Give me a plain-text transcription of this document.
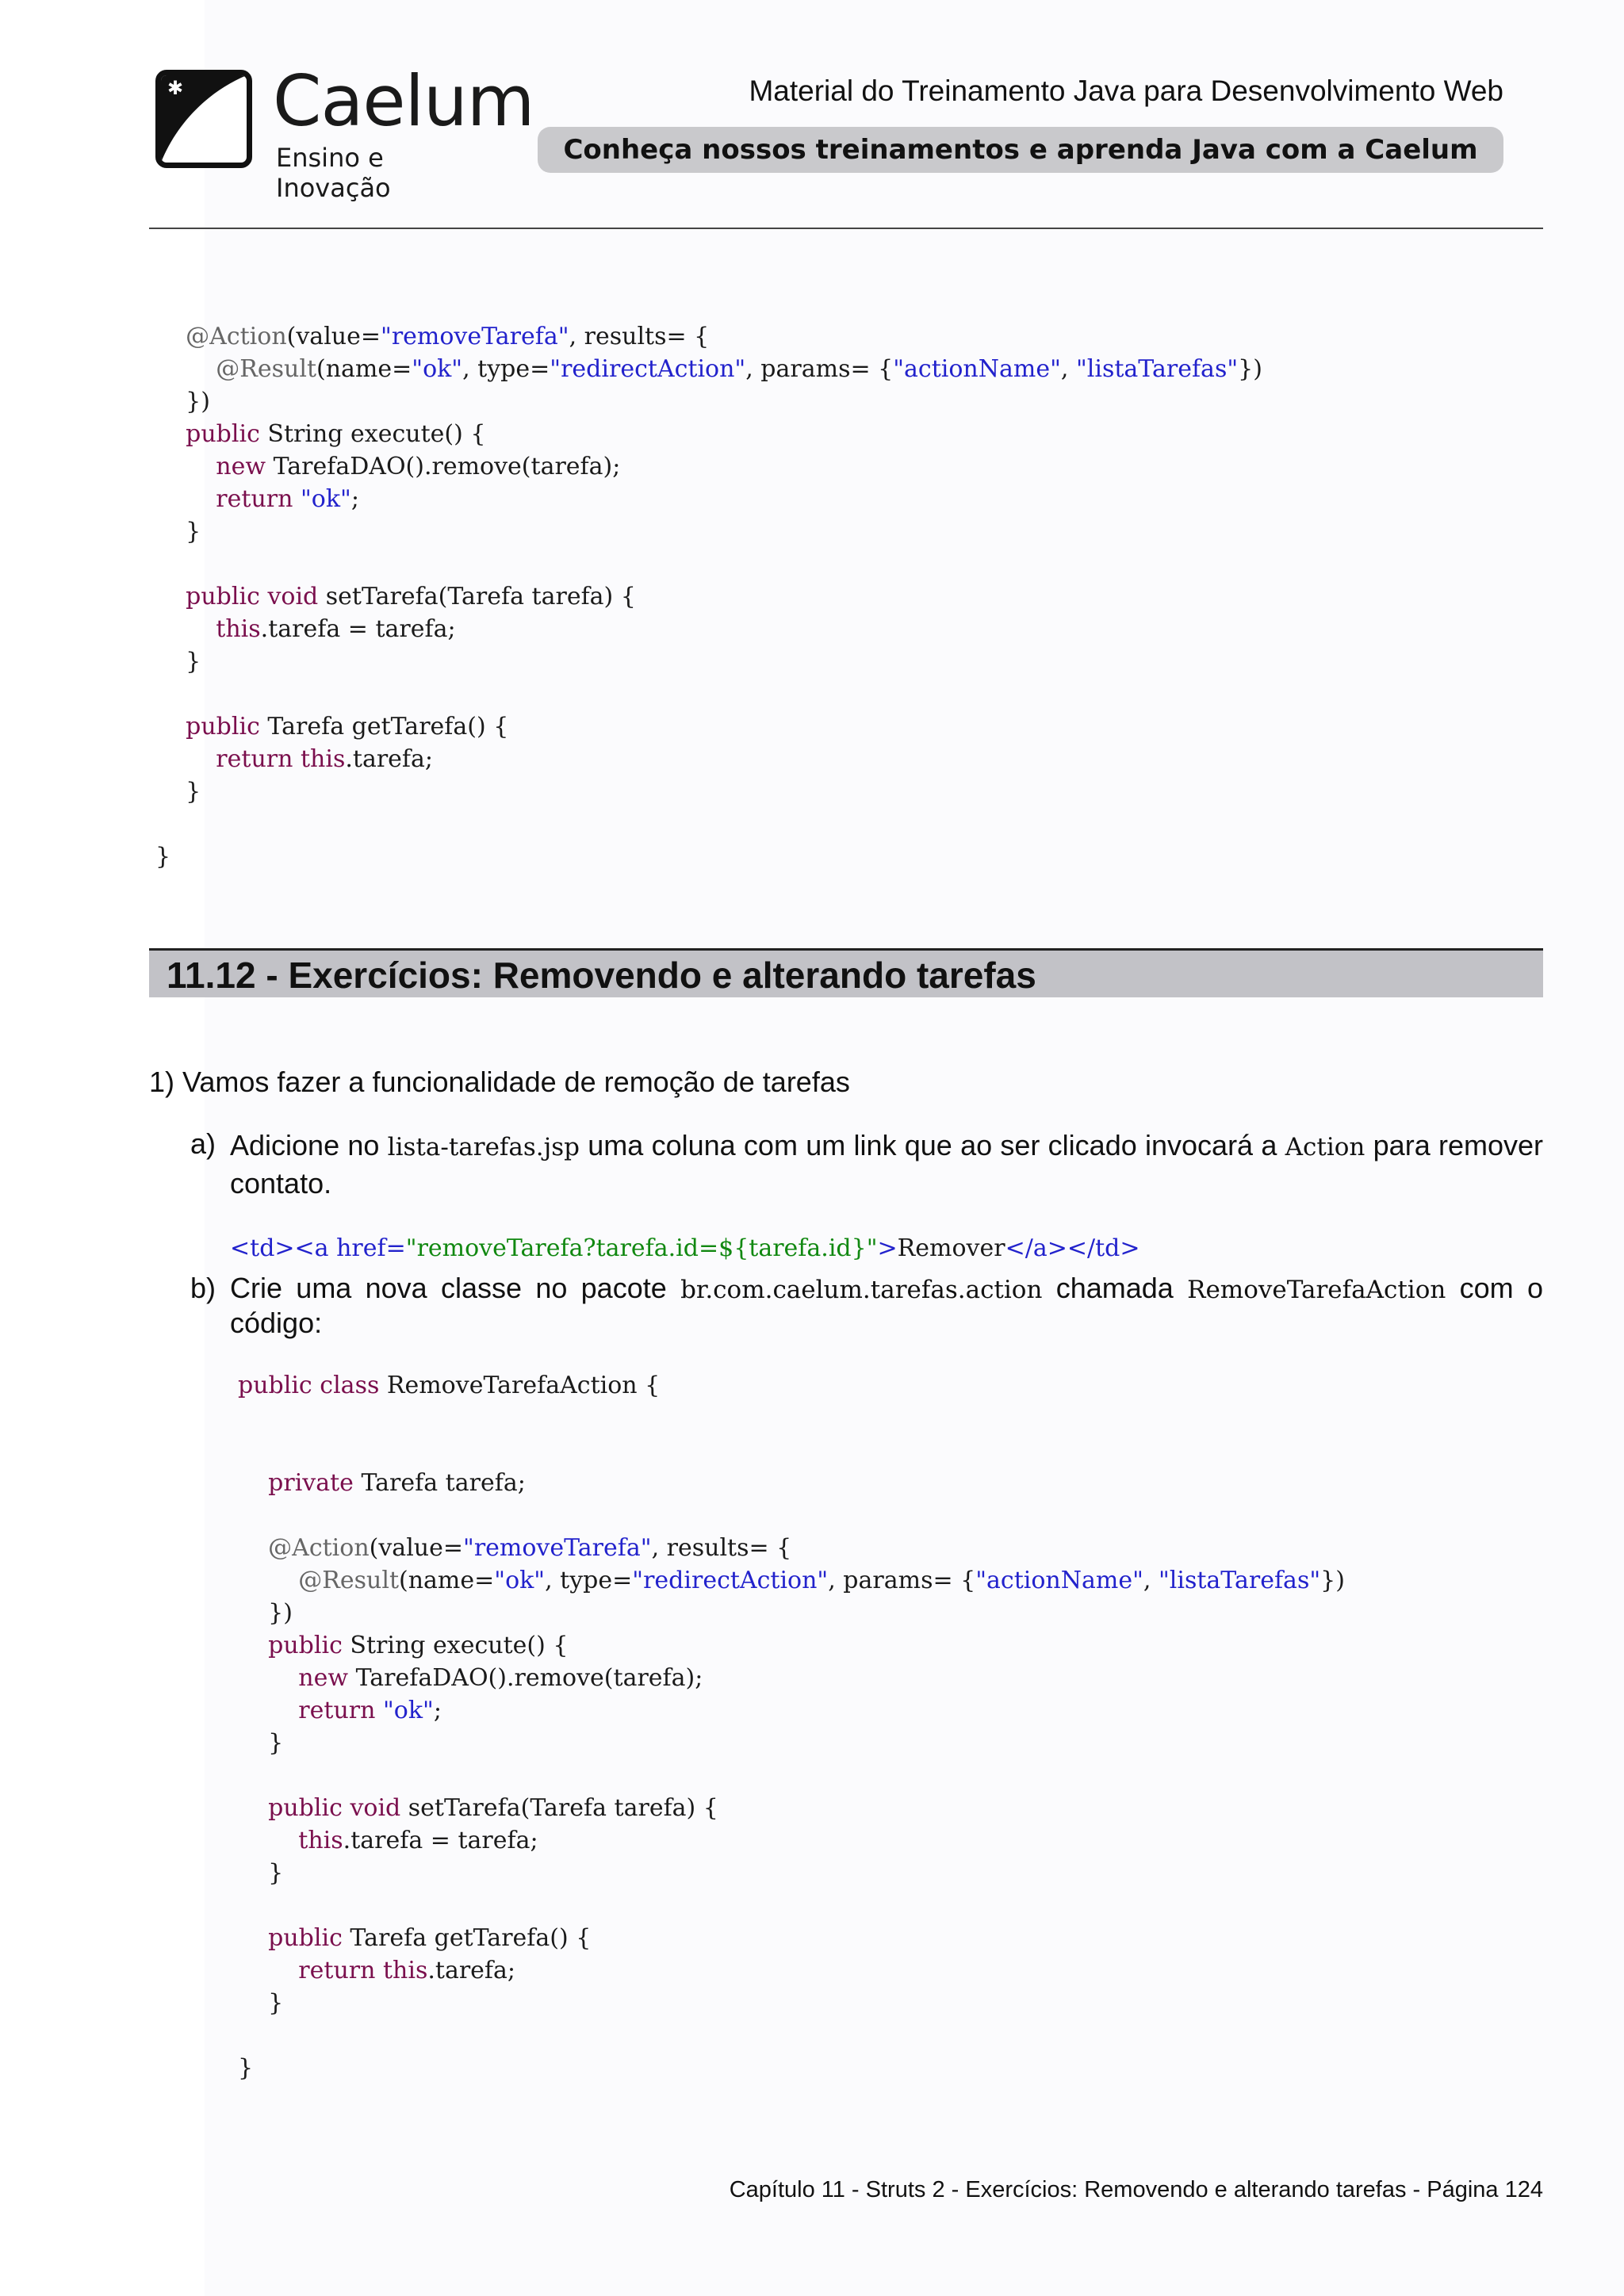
✱ Caelum
Ensino e Inovação
Material do Treinamento Java para Desenvolvimento Web
Conheça nossos treinamentos e aprenda Java com a Caelum
@Action(value="removeTarefa", results= {
@Result(name="ok", type="redirectAction", params= {"actionName", "listaTarefas"})
})
public String execute() {
new TarefaDAO().remove(tarefa);
return "ok";
}

public void setTarefa(Tarefa tarefa) {
this.tarefa = tarefa;
}

public Tarefa getTarefa() {
return this.tarefa;
}

}
11.12 - Exercícios: Removendo e alterando tarefas
1) Vamos fazer a funcionalidade de remoção de tarefas
a) Adicione no lista-tarefas.jsp uma coluna com um link que ao ser clicado invocará a Action para remover contato.
<td><a href="removeTarefa?tarefa.id=${tarefa.id}">Remover</a></td>
b) Crie uma nova classe no pacote br.com.caelum.tarefas.action chamada RemoveTarefaAction com o código:
public class RemoveTarefaAction {

private Tarefa tarefa;

@Action(value="removeTarefa", results= {
@Result(name="ok", type="redirectAction", params= {"actionName", "listaTarefas"})
})
public String execute() {
new TarefaDAO().remove(tarefa);
return "ok";
}

public void setTarefa(Tarefa tarefa) {
this.tarefa = tarefa;
}

public Tarefa getTarefa() {
return this.tarefa;
}

}
Capítulo 11 - Struts 2 - Exercícios: Removendo e alterando tarefas - Página 124
